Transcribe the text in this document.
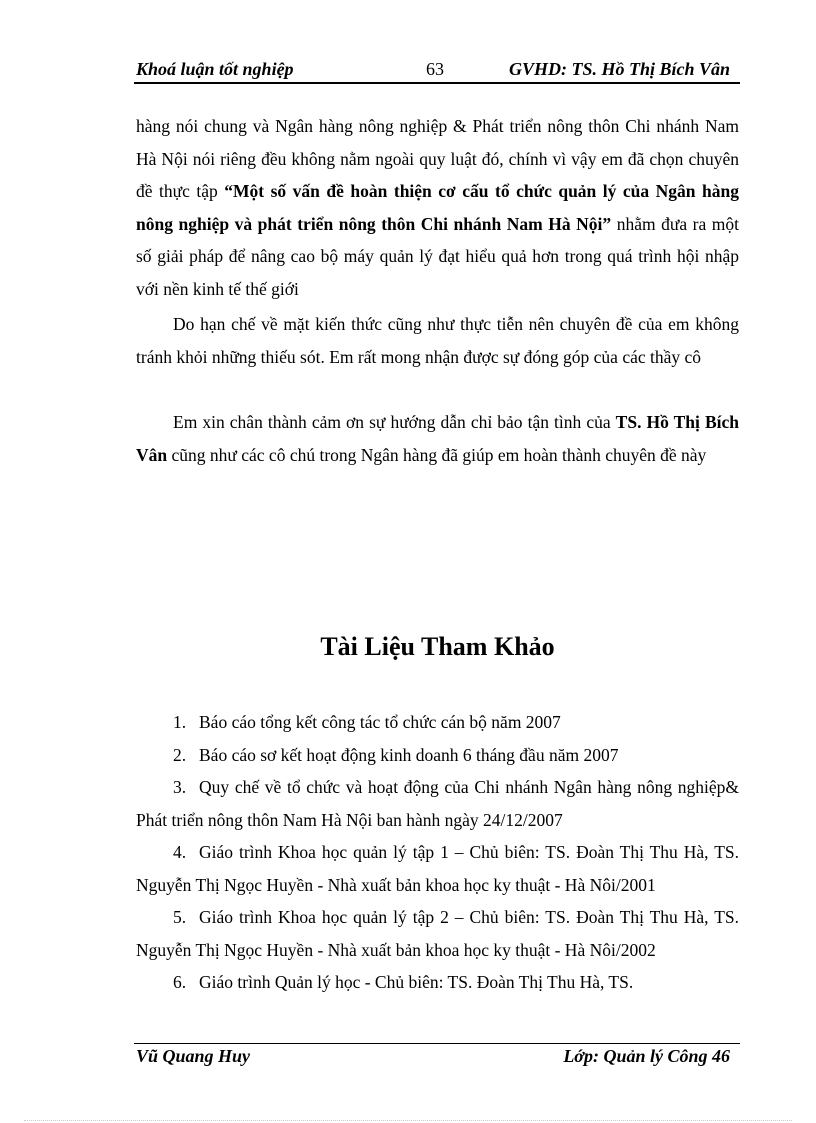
Khoá luận tốt nghiệp	63	GVHD: TS. Hồ Thị Bích Vân

hàng nói chung và Ngân hàng nông nghiệp & Phát triển nông thôn Chi nhánh Nam Hà Nội nói riêng đều không nằm ngoài quy luật đó, chính vì vậy em đã chọn chuyên đề thực tập “Một số vấn đề hoàn thiện cơ cấu tổ chức quản lý của Ngân hàng nông nghiệp và phát triển nông thôn Chi nhánh Nam Hà Nội” nhằm đưa ra một số giải pháp để nâng cao bộ máy quản lý đạt hiểu quả hơn trong quá trình hội nhập với nền kinh tế thế giới

Do hạn chế về mặt kiến thức cũng như thực tiễn nên chuyên đề của em không tránh khỏi những thiếu sót. Em rất mong nhận được sự đóng góp của các thầy cô

Em xin chân thành cảm ơn sự hướng dẫn chỉ bảo tận tình của TS. Hồ Thị Bích Vân cũng như các cô chú trong Ngân hàng đã giúp em hoàn thành chuyên đề này

Tài Liệu Tham Khảo
1. Báo cáo tổng kết công tác tổ chức cán bộ năm 2007
2. Báo cáo sơ kết hoạt động kinh doanh 6 tháng đầu năm 2007
3. Quy chế về tổ chức và hoạt động của Chi nhánh Ngân hàng nông nghiệp& Phát triển nông thôn Nam Hà Nội ban hành ngày 24/12/2007
4. Giáo trình Khoa học quản lý tập 1 – Chủ biên: TS. Đoàn Thị Thu Hà, TS. Nguyễn Thị Ngọc Huyền - Nhà xuất bản khoa học ky thuật - Hà Nôi/2001
5. Giáo trình Khoa học quản lý tập 2 – Chủ biên: TS. Đoàn Thị Thu Hà, TS. Nguyễn Thị Ngọc Huyền - Nhà xuất bản khoa học ky thuật - Hà Nôi/2002
6. Giáo trình Quản lý học - Chủ biên: TS. Đoàn Thị Thu Hà, TS.
Vũ Quang Huy	Lớp: Quản lý Công 46
